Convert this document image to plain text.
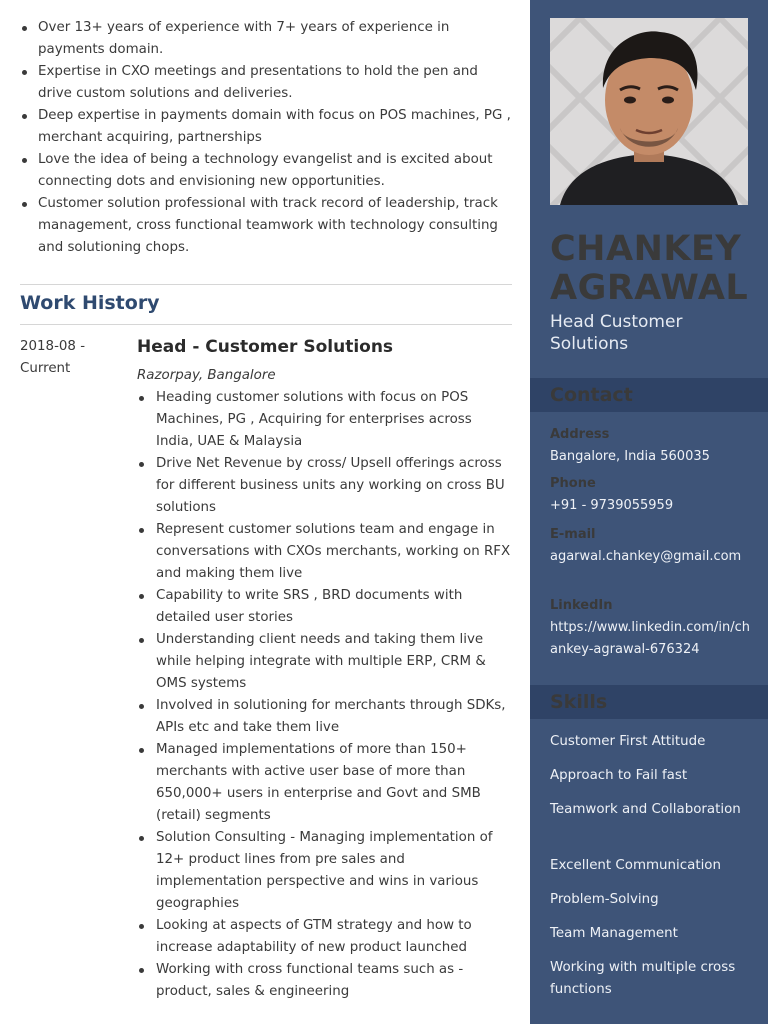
Over 13+ years of experience with 7+ years of experience in payments domain.
Expertise in CXO meetings and presentations to hold the pen and drive custom solutions and deliveries.
Deep expertise in payments domain with focus on POS machines, PG , merchant acquiring, partnerships
Love the idea of being a technology evangelist and is excited about connecting dots and envisioning new opportunities.
Customer solution professional with track record of leadership, track management, cross functional teamwork with technology consulting and solutioning chops.
Work History
2018-08 - Current
Head - Customer Solutions
Razorpay, Bangalore
Heading customer solutions with focus on POS Machines, PG , Acquiring for enterprises across India, UAE & Malaysia
Drive Net Revenue by cross/ Upsell offerings across for different business units any working on cross BU solutions
Represent customer solutions team and engage in conversations with CXOs merchants, working on RFX and making them live
Capability to write SRS , BRD documents with detailed user stories
Understanding client needs and taking them live while helping integrate with multiple ERP, CRM & OMS systems
Involved in solutioning for merchants through SDKs, APIs etc and take them live
Managed implementations of more than 150+ merchants with active user base of more than 650,000+ users in enterprise and Govt and SMB (retail) segments
Solution Consulting - Managing implementation of 12+ product lines from pre sales and implementation perspective and wins in various geographies
Looking at aspects of GTM strategy and how to increase adaptability of new product launched
Working with cross functional teams such as - product, sales & engineering
CHANKEY
AGRAWAL
Head Customer Solutions
Contact
Address
Bangalore, India 560035
Phone
+91 - 9739055959
E-mail
agarwal.chankey@gmail.com
LinkedIn
https://www.linkedin.com/in/chankey-agrawal-676324
Skills
Customer First Attitude
Approach to Fail fast
Teamwork and Collaboration
Excellent Communication
Problem-Solving
Team Management
Working with multiple cross functions
